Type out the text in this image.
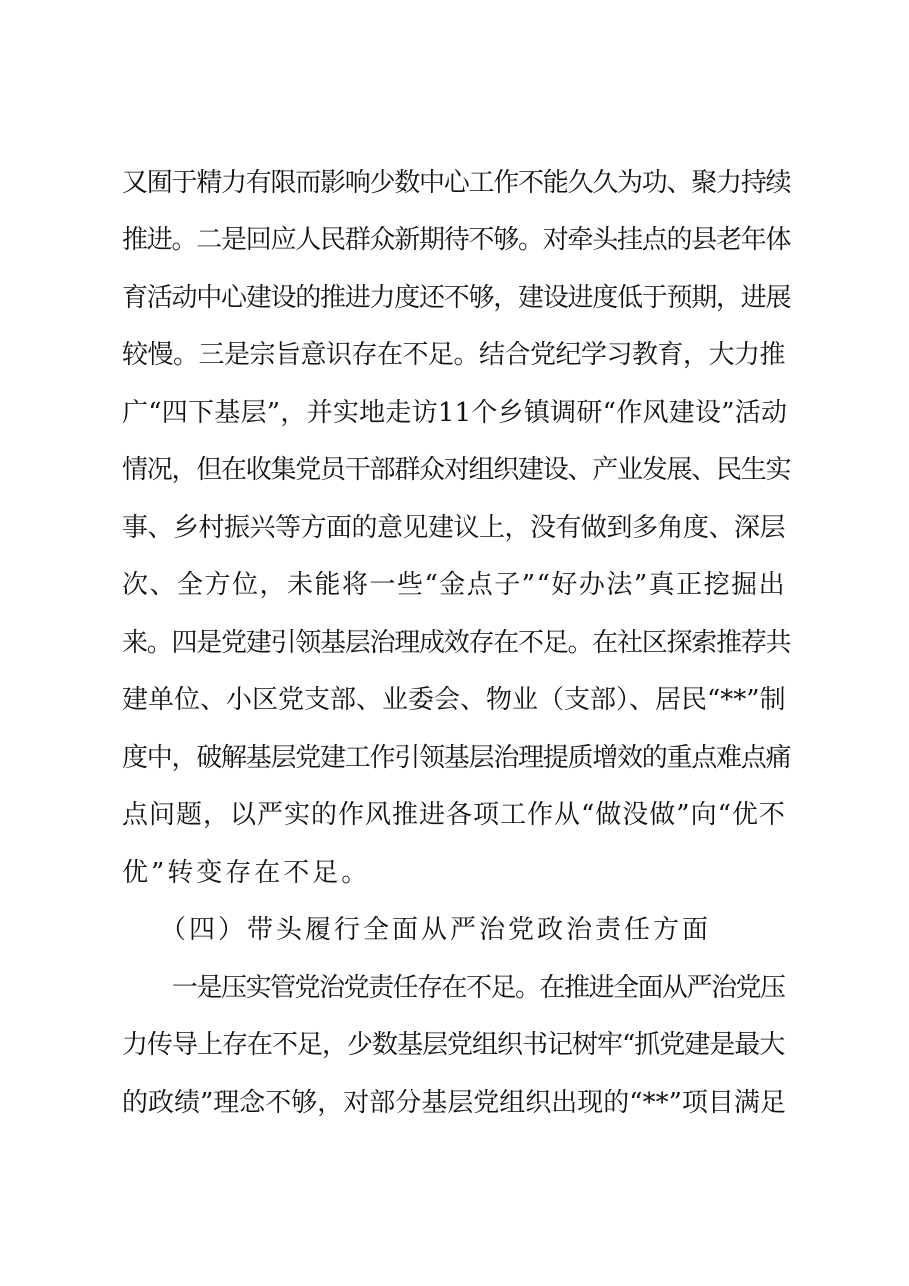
又囿于精力有限而影响少数中心工作不能久久为功、聚力持续
推进。二是回应人民群众新期待不够。对牵头挂点的县老年体
育活动中心建设的推进力度还不够，建设进度低于预期，进展
较慢。三是宗旨意识存在不足。结合党纪学习教育，大力推
广“四下基层”，并实地走访11个乡镇调研“作风建设”活动
情况，但在收集党员干部群众对组织建设、产业发展、民生实
事、乡村振兴等方面的意见建议上，没有做到多角度、深层
次、全方位，未能将一些“金点子”“好办法”真正挖掘出
来。四是党建引领基层治理成效存在不足。在社区探索推荐共
建单位、小区党支部、业委会、物业（支部）、居民“**”制
度中，破解基层党建工作引领基层治理提质增效的重点难点痛
点问题，以严实的作风推进各项工作从“做没做”向“优不
优”转变存在不足。
（四）带头履行全面从严治党政治责任方面
一是压实管党治党责任存在不足。在推进全面从严治党压
力传导上存在不足，少数基层党组织书记树牢“抓党建是最大
的政绩”理念不够，对部分基层党组织出现的“**”项目满足
